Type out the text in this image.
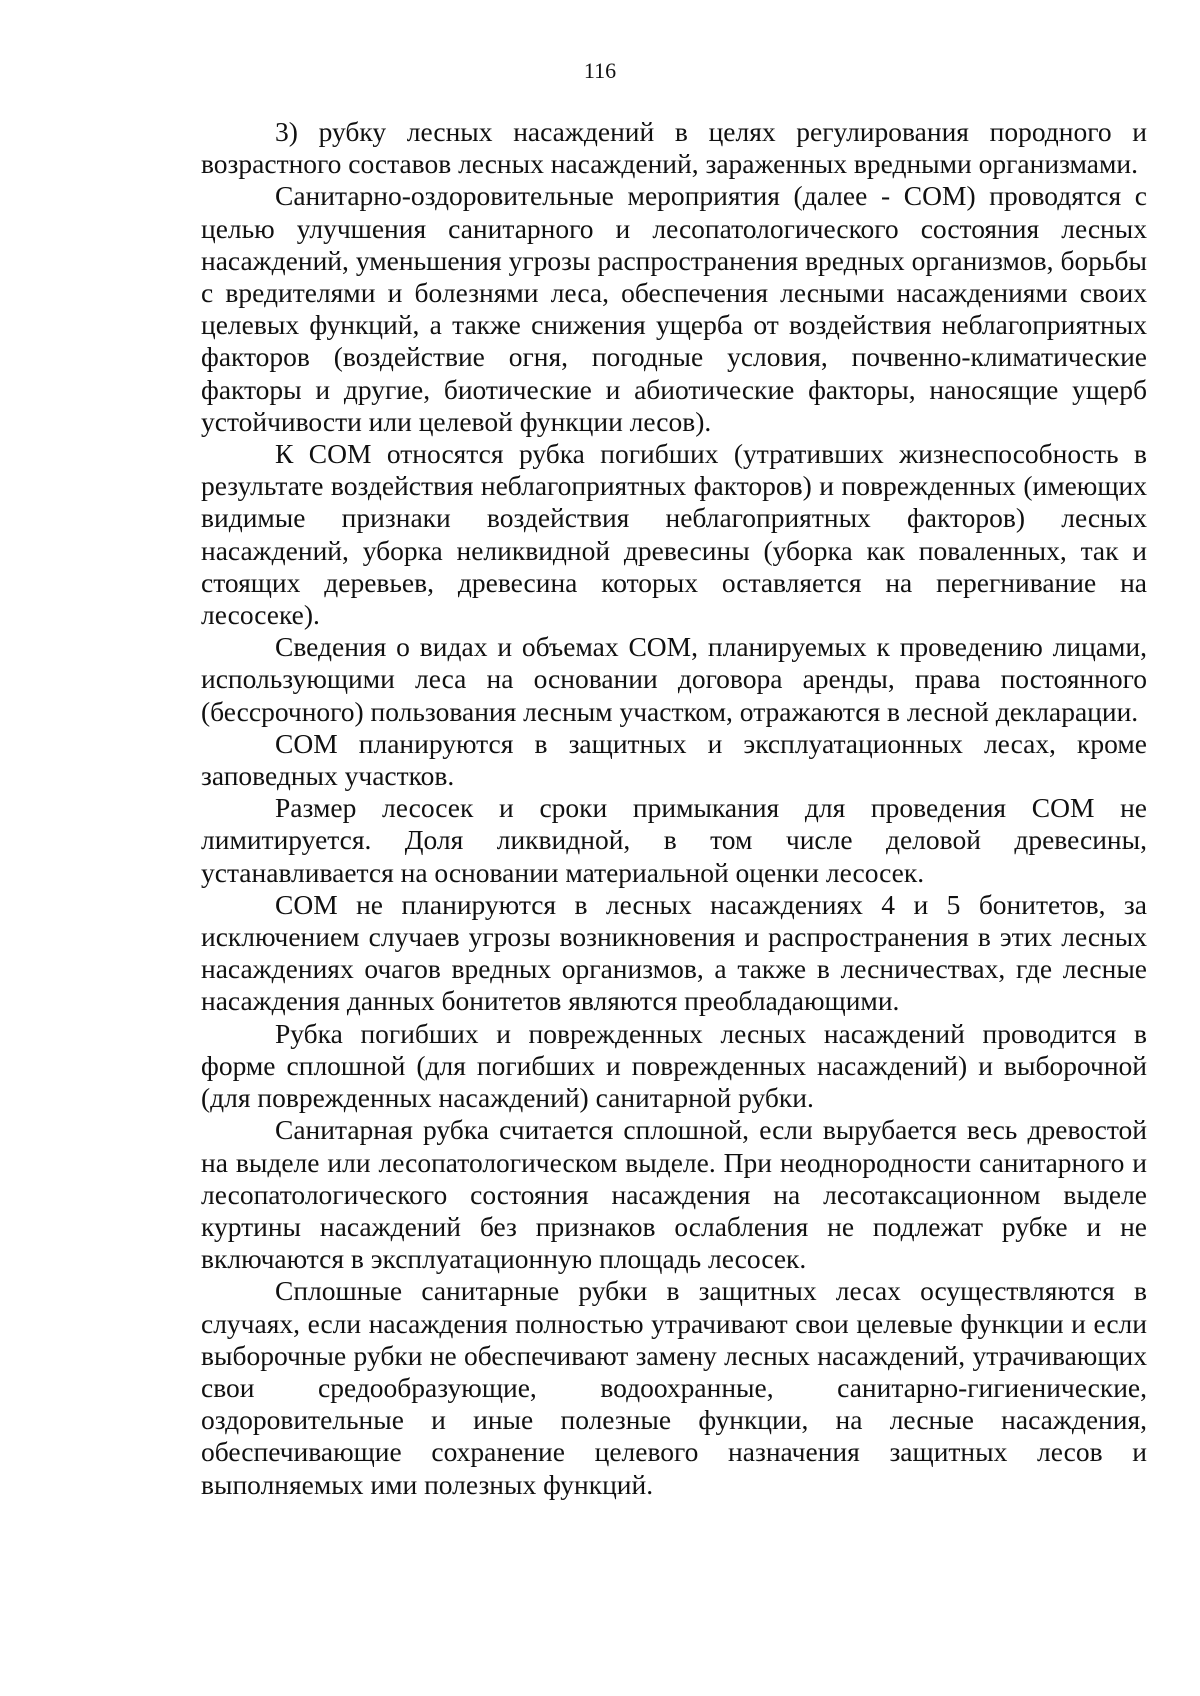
116

3) рубку лесных насаждений в целях регулирования породного и возрастного составов лесных насаждений, зараженных вредными организмами.

Санитарно-оздоровительные мероприятия (далее - СОМ) проводятся с целью улучшения санитарного и лесопатологического состояния лесных насаждений, уменьшения угрозы распространения вредных организмов, борьбы с вредителями и болезнями леса, обеспечения лесными насаждениями своих целевых функций, а также снижения ущерба от воздействия неблагоприятных факторов (воздействие огня, погодные условия, почвенно-климатические факторы и другие, биотические и абиотические факторы, наносящие ущерб устойчивости или целевой функции лесов).

К СОМ относятся рубка погибших (утративших жизнеспособность в результате воздействия неблагоприятных факторов) и поврежденных (имеющих видимые признаки воздействия неблагоприятных факторов) лесных насаждений, уборка неликвидной древесины (уборка как поваленных, так и стоящих деревьев, древесина которых оставляется на перегнивание на лесосеке).

Сведения о видах и объемах СОМ, планируемых к проведению лицами, использующими леса на основании договора аренды, права постоянного (бессрочного) пользования лесным участком, отражаются в лесной декларации.

СОМ планируются в защитных и эксплуатационных лесах, кроме заповедных участков.

Размер лесосек и сроки примыкания для проведения СОМ не лимитируется. Доля ликвидной, в том числе деловой древесины, устанавливается на основании материальной оценки лесосек.

СОМ не планируются в лесных насаждениях 4 и 5 бонитетов, за исключением случаев угрозы возникновения и распространения в этих лесных насаждениях очагов вредных организмов, а также в лесничествах, где лесные насаждения данных бонитетов являются преобладающими.

Рубка погибших и поврежденных лесных насаждений проводится в форме сплошной (для погибших и поврежденных насаждений) и выборочной (для поврежденных насаждений) санитарной рубки.

Санитарная рубка считается сплошной, если вырубается весь древостой на выделе или лесопатологическом выделе. При неоднородности санитарного и лесопатологического состояния насаждения на лесотаксационном выделе куртины насаждений без признаков ослабления не подлежат рубке и не включаются в эксплуатационную площадь лесосек.

Сплошные санитарные рубки в защитных лесах осуществляются в случаях, если насаждения полностью утрачивают свои целевые функции и если выборочные рубки не обеспечивают замену лесных насаждений, утрачивающих свои средообразующие, водоохранные, санитарно-гигиенические, оздоровительные и иные полезные функции, на лесные насаждения, обеспечивающие сохранение целевого назначения защитных лесов и выполняемых ими полезных функций.
